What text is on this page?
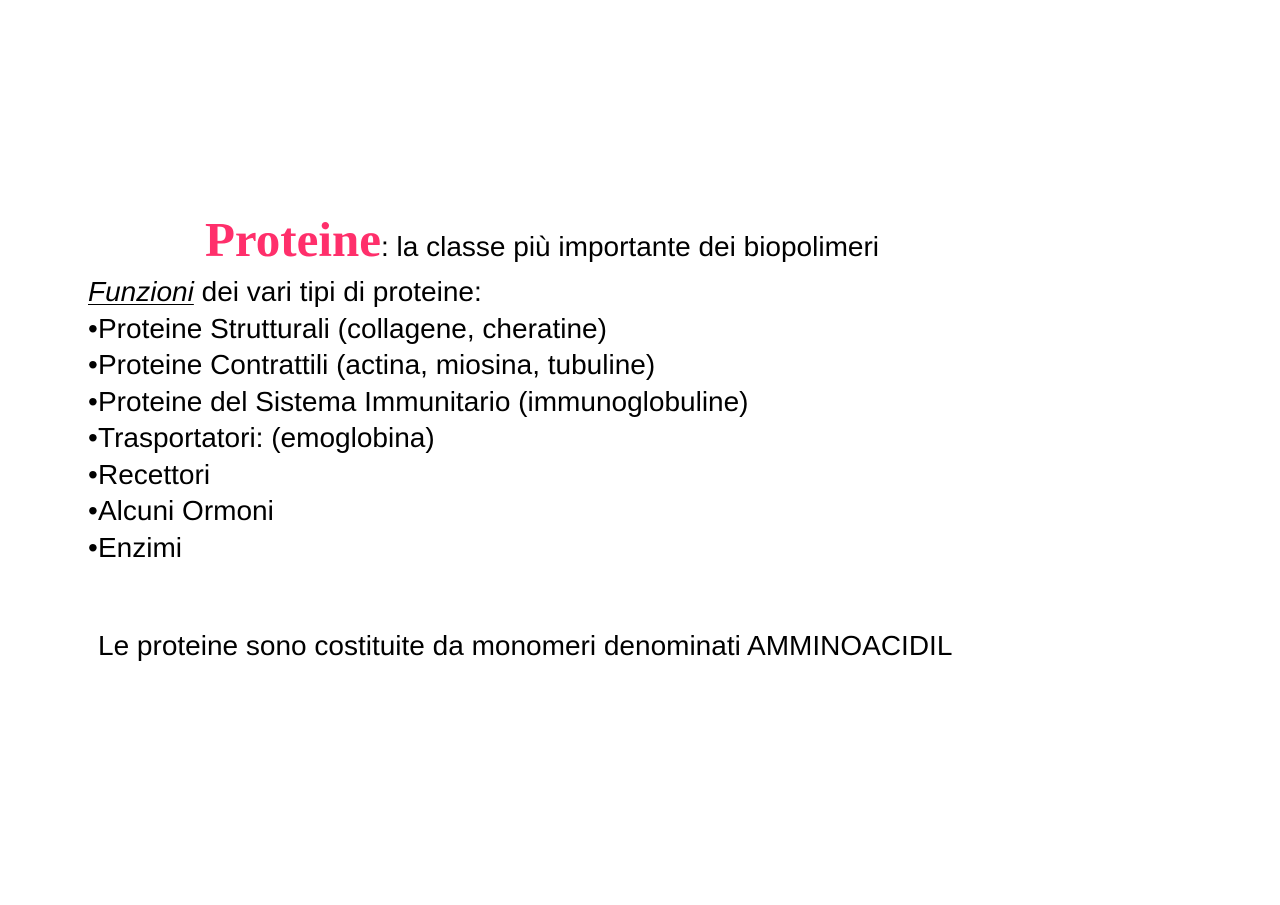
Proteine: la classe più importante dei biopolimeri
Funzioni dei vari tipi di proteine:
•Proteine Strutturali (collagene, cheratine)
•Proteine Contrattili (actina, miosina, tubuline)
•Proteine del Sistema Immunitario (immunoglobuline)
•Trasportatori: (emoglobina)
•Recettori
•Alcuni Ormoni
•Enzimi

Le proteine sono costituite da monomeri denominati AMMINOACIDIL
